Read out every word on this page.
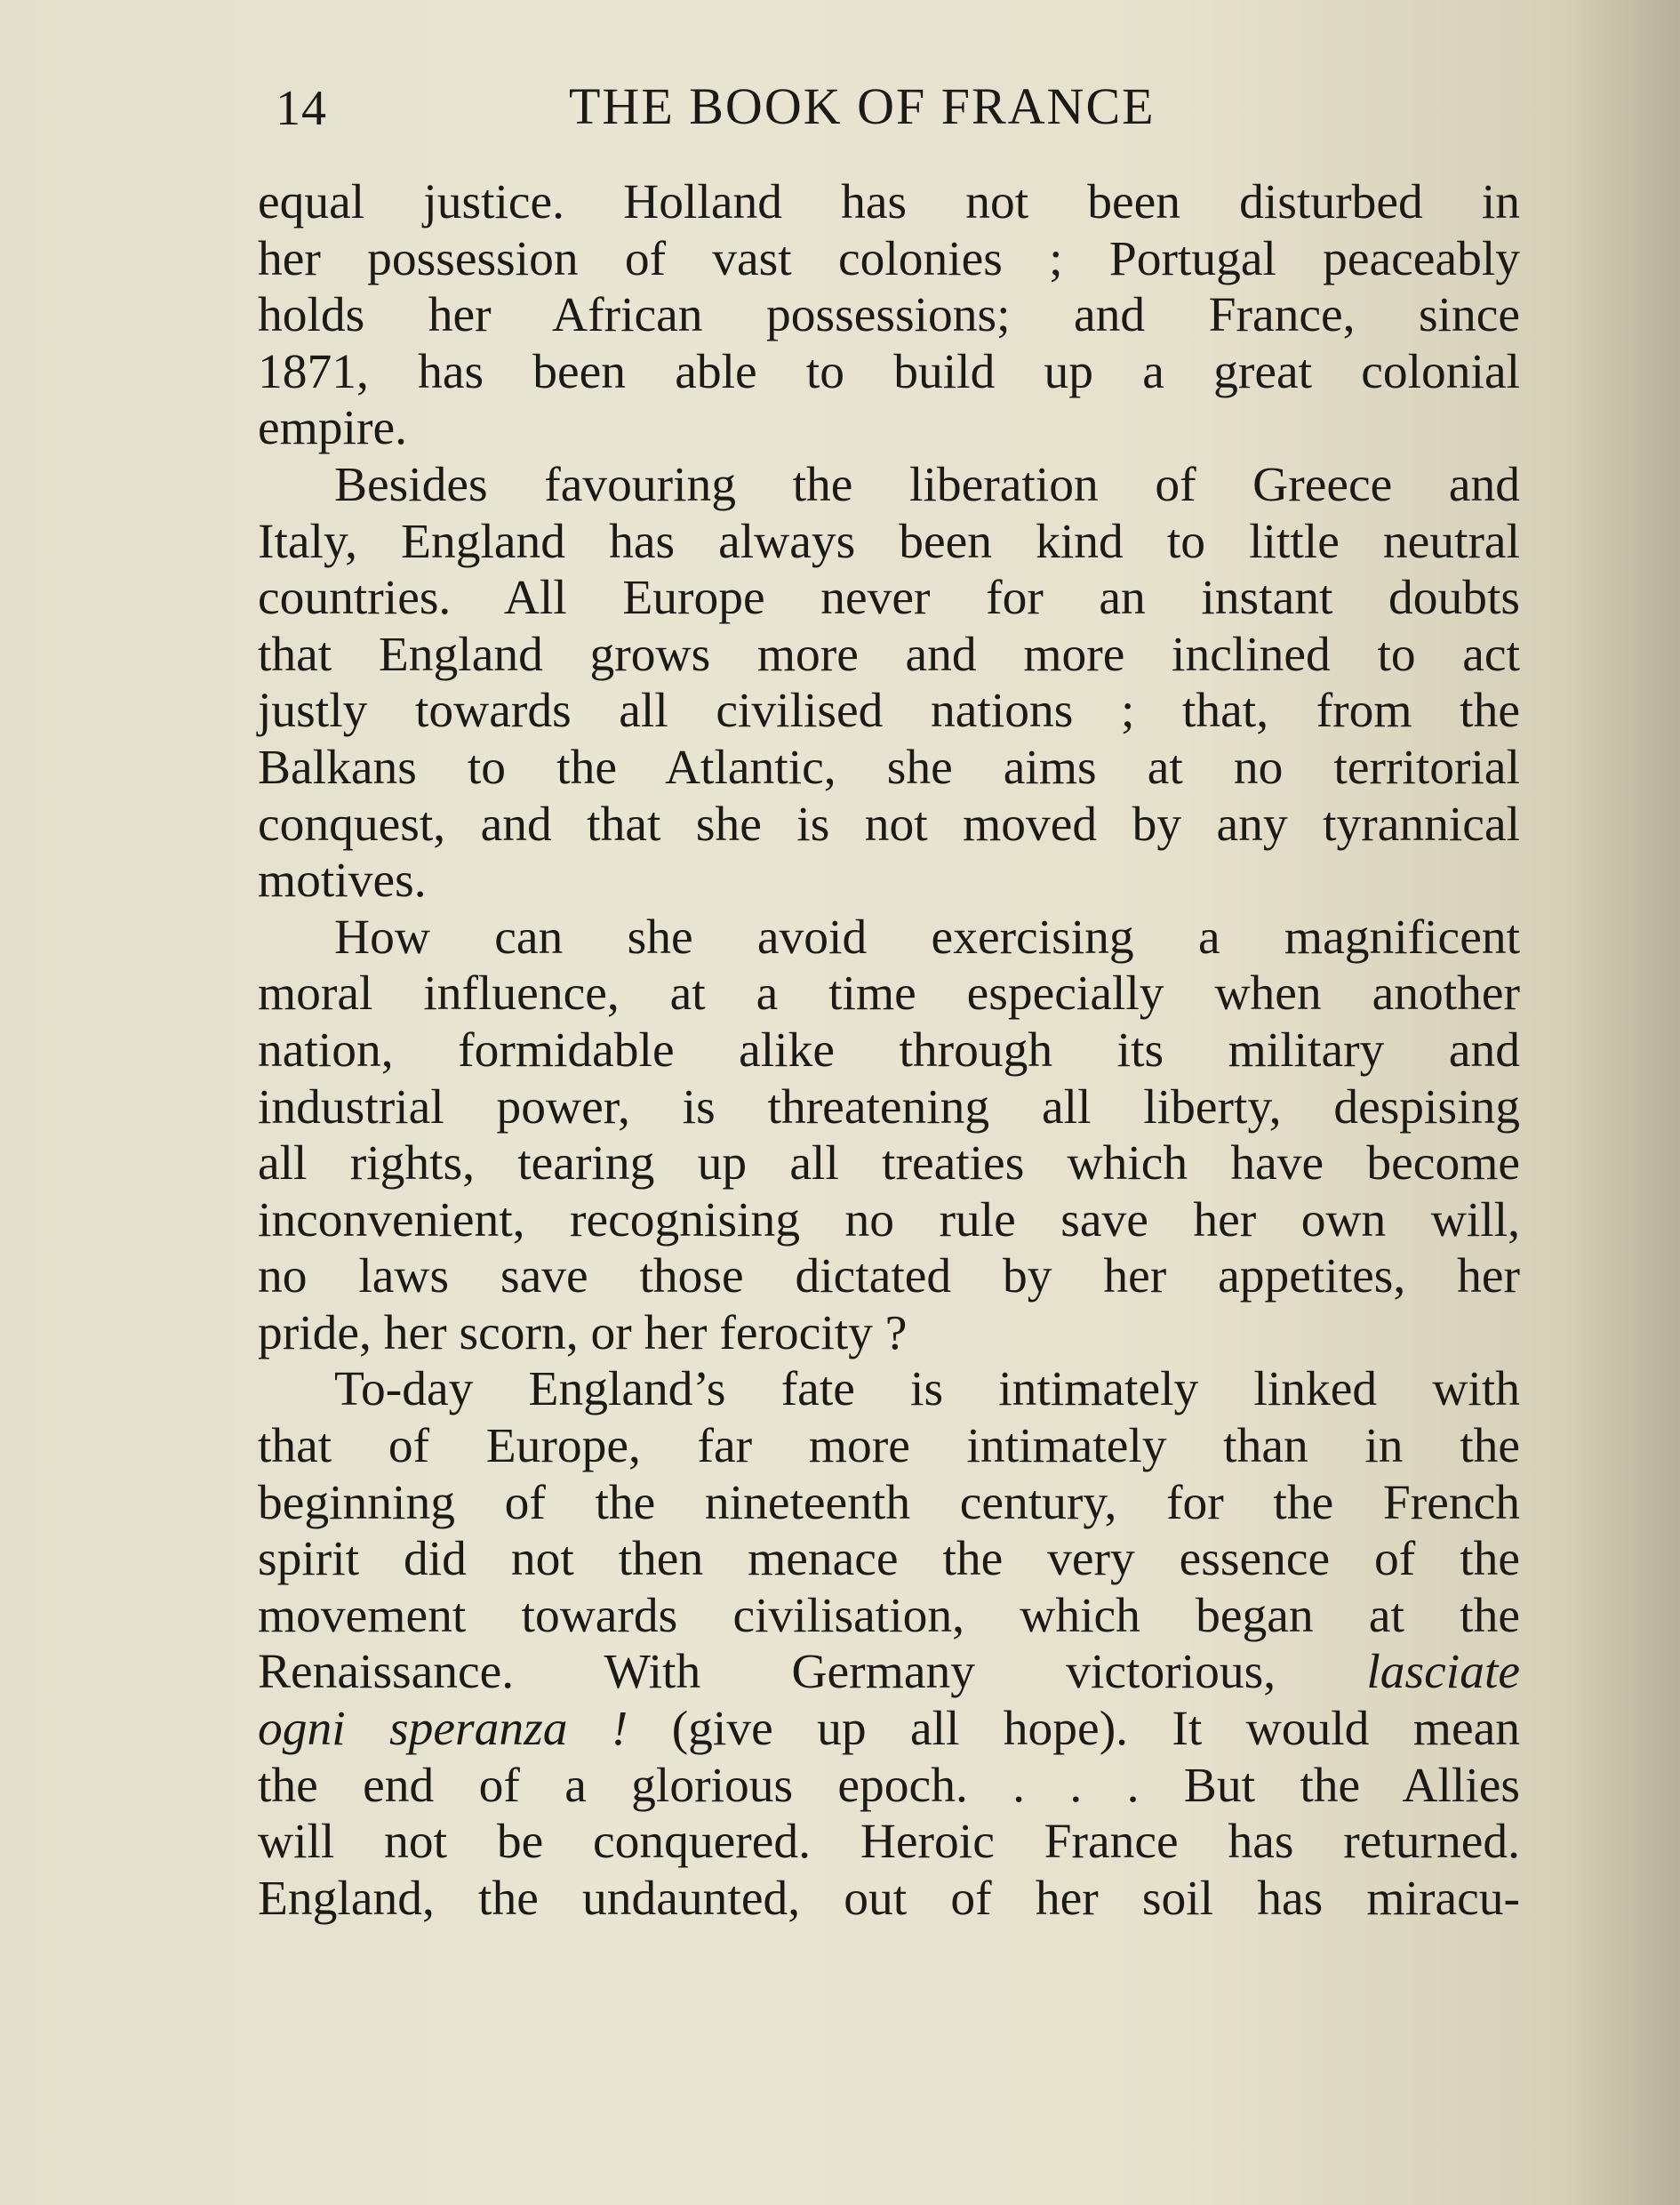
14	THE BOOK OF FRANCE

equal justice. Holland has not been disturbed in
her possession of vast colonies ; Portugal peaceably
holds her African possessions; and France, since
1871, has been able to build up a great colonial
empire.

Besides favouring the liberation of Greece and
Italy, England has always been kind to little neutral
countries. All Europe never for an instant doubts
that England grows more and more inclined to act
justly towards all civilised nations ; that, from the
Balkans to the Atlantic, she aims at no territorial
conquest, and that she is not moved by any tyrannical
motives.

How can she avoid exercising a magnificent
moral influence, at a time especially when another
nation, formidable alike through its military and
industrial power, is threatening all liberty, despising
all rights, tearing up all treaties which have become
inconvenient, recognising no rule save her own will,
no laws save those dictated by her appetites, her
pride, her scorn, or her ferocity ?

To-day England’s fate is intimately linked with
that of Europe, far more intimately than in the
beginning of the nineteenth century, for the French
spirit did not then menace the very essence of the
movement towards civilisation, which began at the
Renaissance. With Germany victorious, lasciate
ogni speranza ! (give up all hope). It would mean
the end of a glorious epoch. . . . But the Allies
will not be conquered. Heroic France has returned.
England, the undaunted, out of her soil has miracu-
